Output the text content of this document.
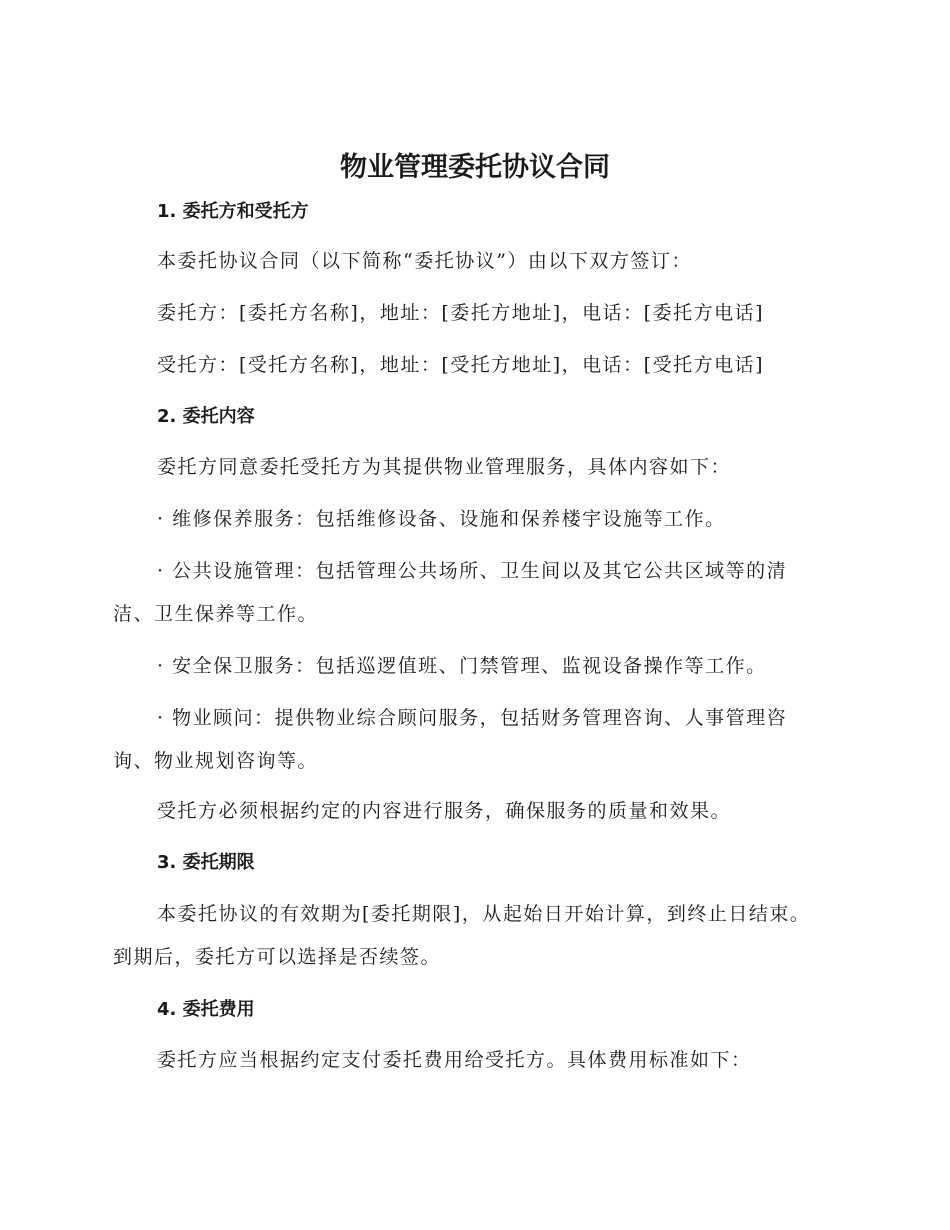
物业管理委托协议合同
1. 委托方和受托方

本委托协议合同（以下简称“委托协议”）由以下双方签订：

委托方：[委托方名称]，地址：[委托方地址]，电话：[委托方电话]

受托方：[受托方名称]，地址：[受托方地址]，电话：[受托方电话]

2. 委托内容

委托方同意委托受托方为其提供物业管理服务，具体内容如下：

· 维修保养服务：包括维修设备、设施和保养楼宇设施等工作。

· 公共设施管理：包括管理公共场所、卫生间以及其它公共区域等的清洁、卫生保养等工作。

· 安全保卫服务：包括巡逻值班、门禁管理、监视设备操作等工作。

· 物业顾问：提供物业综合顾问服务，包括财务管理咨询、人事管理咨询、物业规划咨询等。

受托方必须根据约定的内容进行服务，确保服务的质量和效果。

3. 委托期限

本委托协议的有效期为[委托期限]，从起始日开始计算，到终止日结束。到期后，委托方可以选择是否续签。

4. 委托费用

委托方应当根据约定支付委托费用给受托方。具体费用标准如下：
